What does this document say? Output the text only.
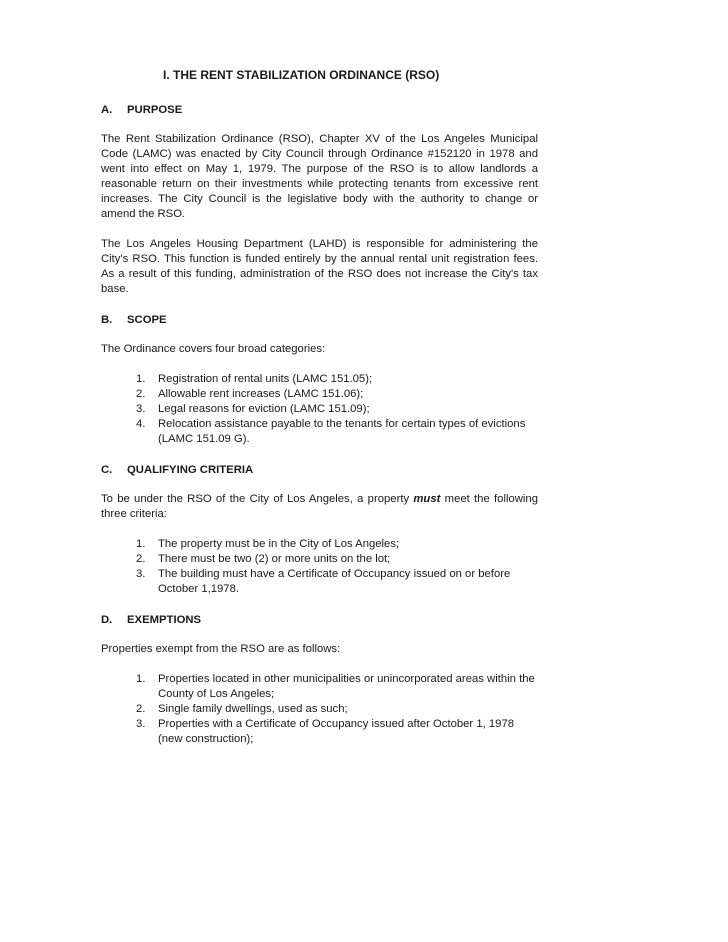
I. THE RENT STABILIZATION ORDINANCE (RSO)
A.	PURPOSE

The Rent Stabilization Ordinance (RSO), Chapter XV of the Los Angeles Municipal Code (LAMC) was enacted by City Council through Ordinance #152120 in 1978 and went into effect on May 1, 1979. The purpose of the RSO is to allow landlords a reasonable return on their investments while protecting tenants from excessive rent increases. The City Council is the legislative body with the authority to change or amend the RSO.

The Los Angeles Housing Department (LAHD) is responsible for administering the City's RSO. This function is funded entirely by the annual rental unit registration fees. As a result of this funding, administration of the RSO does not increase the City's tax base.

B.	SCOPE

The Ordinance covers four broad categories:

1.	Registration of rental units (LAMC 151.05);
2.	Allowable rent increases (LAMC 151.06);
3.	Legal reasons for eviction (LAMC 151.09);
4.	Relocation assistance payable to the tenants for certain types of evictions (LAMC 151.09 G).
C.	QUALIFYING CRITERIA

To be under the RSO of the City of Los Angeles, a property must meet the following three criteria:

1.	The property must be in the City of Los Angeles;
2.	There must be two (2) or more units on the lot;
3.	The building must have a Certificate of Occupancy issued on or before October 1,1978.
D.	EXEMPTIONS

Properties exempt from the RSO are as follows:

1.	Properties located in other municipalities or unincorporated areas within the County of Los Angeles;
2.	Single family dwellings, used as such;
3.	Properties with a Certificate of Occupancy issued after October 1, 1978 (new construction);
